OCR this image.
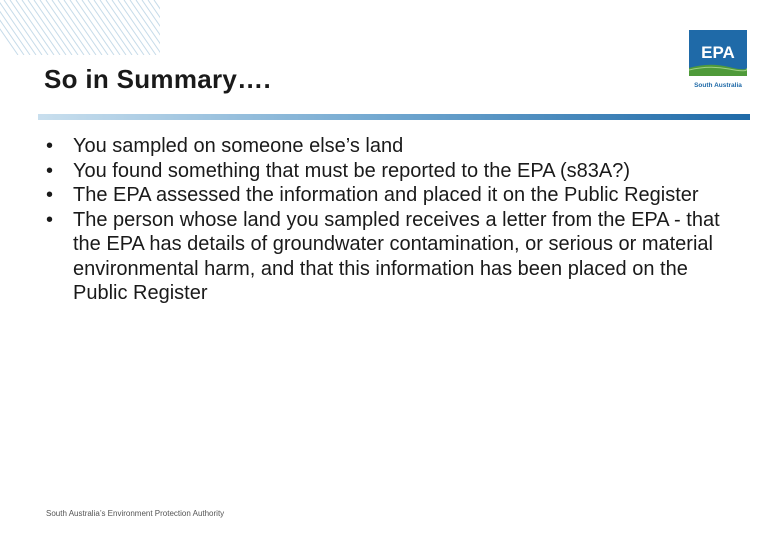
EPA
South Australia
So in Summary….
• You sampled on someone else’s land
• You found something that must be reported to the EPA (s83A?)
• The EPA assessed the information and placed it on the Public Register
• The person whose land you sampled receives a letter from the EPA - that the EPA has details of groundwater contamination, or serious or material environmental harm, and that this information has been placed on the Public Register

South Australia’s Environment Protection Authority
